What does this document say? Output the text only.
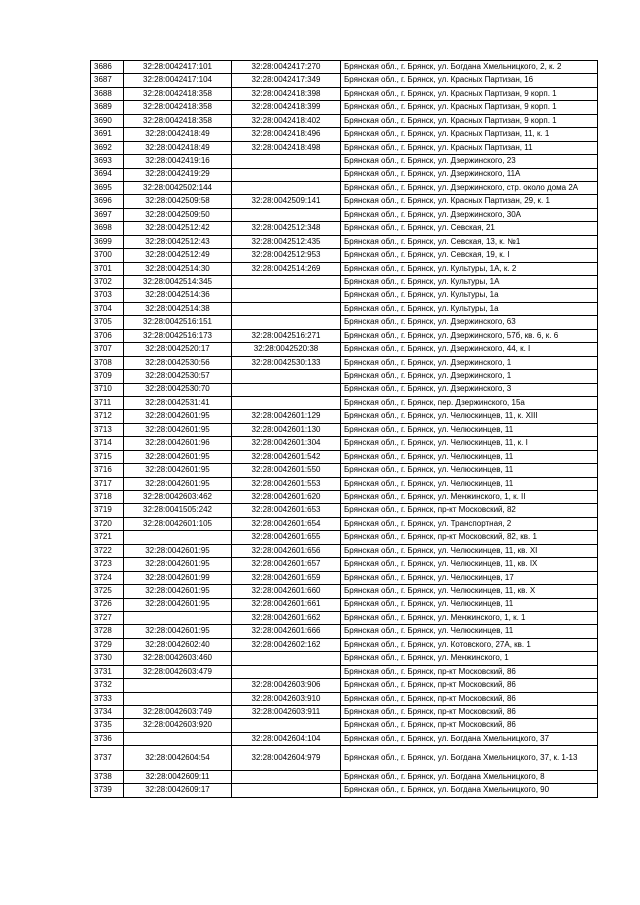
3686	32:28:0042417:101	32:28:0042417:270	Брянская обл., г. Брянск, ул. Богдана Хмельницкого, 2, к. 2
3687	32:28:0042417:104	32:28:0042417:349	Брянская обл., г. Брянск, ул. Красных Партизан, 16
3688	32:28:0042418:358	32:28:0042418:398	Брянская обл., г. Брянск, ул. Красных Партизан, 9 корп. 1
3689	32:28:0042418:358	32:28:0042418:399	Брянская обл., г. Брянск, ул. Красных Партизан, 9 корп. 1
3690	32:28:0042418:358	32:28:0042418:402	Брянская обл., г. Брянск, ул. Красных Партизан, 9 корп. 1
3691	32:28:0042418:49	32:28:0042418:496	Брянская обл., г. Брянск, ул. Красных Партизан, 11, к. 1
3692	32:28:0042418:49	32:28:0042418:498	Брянская обл., г. Брянск, ул. Красных Партизан, 11
3693	32:28:0042419:16		Брянская обл., г. Брянск, ул. Дзержинского, 23
3694	32:28:0042419:29		Брянская обл., г. Брянск, ул. Дзержинского, 11А
3695	32:28:0042502:144		Брянская обл., г. Брянск, ул. Дзержинского, стр. около дома 2А
3696	32:28:0042509:58	32:28:0042509:141	Брянская обл., г. Брянск, ул. Красных Партизан, 29, к. 1
3697	32:28:0042509:50		Брянская обл., г. Брянск, ул. Дзержинского, 30А
3698	32:28:0042512:42	32:28:0042512:348	Брянская обл., г. Брянск, ул. Севская, 21
3699	32:28:0042512:43	32:28:0042512:435	Брянская обл., г. Брянск, ул. Севская, 13, к. №1
3700	32:28:0042512:49	32:28:0042512:953	Брянская обл., г. Брянск, ул. Севская, 19, к. I
3701	32:28:0042514:30	32:28:0042514:269	Брянская обл., г. Брянск, ул. Культуры, 1А, к. 2
3702	32:28:0042514:345		Брянская обл., г. Брянск, ул. Культуры, 1А
3703	32:28:0042514:36		Брянская обл., г. Брянск, ул. Культуры, 1а
3704	32:28:0042514:38		Брянская обл., г. Брянск, ул. Культуры, 1а
3705	32:28:0042516:151		Брянская обл., г. Брянск, ул. Дзержинского, 63
3706	32:28:0042516:173	32:28:0042516:271	Брянская обл., г. Брянск, ул. Дзержинского, 57б, кв. 6, к. 6
3707	32:28:0042520:17	32:28:0042520:38	Брянская обл., г. Брянск, ул. Дзержинского, 44, к. I
3708	32:28:0042530:56	32:28:0042530:133	Брянская обл., г. Брянск, ул. Дзержинского, 1
3709	32:28:0042530:57		Брянская обл., г. Брянск, ул. Дзержинского, 1
3710	32:28:0042530:70		Брянская обл., г. Брянск, ул. Дзержинского, 3
3711	32:28:0042531:41		Брянская обл., г. Брянск, пер. Дзержинского, 15а
3712	32:28:0042601:95	32:28:0042601:129	Брянская обл., г. Брянск, ул. Челюскинцев, 11, к. XIII
3713	32:28:0042601:95	32:28:0042601:130	Брянская обл., г. Брянск, ул. Челюскинцев, 11
3714	32:28:0042601:96	32:28:0042601:304	Брянская обл., г. Брянск, ул. Челюскинцев, 11, к. I
3715	32:28:0042601:95	32:28:0042601:542	Брянская обл., г. Брянск, ул. Челюскинцев, 11
3716	32:28:0042601:95	32:28:0042601:550	Брянская обл., г. Брянск, ул. Челюскинцев, 11
3717	32:28:0042601:95	32:28:0042601:553	Брянская обл., г. Брянск, ул. Челюскинцев, 11
3718	32:28:0042603:462	32:28:0042601:620	Брянская обл., г. Брянск, ул. Менжинского, 1, к. II
3719	32:28:0041505:242	32:28:0042601:653	Брянская обл., г. Брянск, пр-кт Московский, 82
3720	32:28:0042601:105	32:28:0042601:654	Брянская обл., г. Брянск, ул. Транспортная, 2
3721		32:28:0042601:655	Брянская обл., г. Брянск, пр-кт Московский, 82, кв. 1
3722	32:28:0042601:95	32:28:0042601:656	Брянская обл., г. Брянск, ул. Челюскинцев, 11, кв. XI
3723	32:28:0042601:95	32:28:0042601:657	Брянская обл., г. Брянск, ул. Челюскинцев, 11, кв. IX
3724	32:28:0042601:99	32:28:0042601:659	Брянская обл., г. Брянск, ул. Челюскинцев, 17
3725	32:28:0042601:95	32:28:0042601:660	Брянская обл., г. Брянск, ул. Челюскинцев, 11, кв. X
3726	32:28:0042601:95	32:28:0042601:661	Брянская обл., г. Брянск, ул. Челюскинцев, 11
3727		32:28:0042601:662	Брянская обл., г. Брянск, ул. Менжинского, 1, к. 1
3728	32:28:0042601:95	32:28:0042601:666	Брянская обл., г. Брянск, ул. Челюскинцев, 11
3729	32:28:0042602:40	32:28:0042602:162	Брянская обл., г. Брянск, ул. Котовского, 27А, кв. 1
3730	32:28:0042603:460		Брянская обл., г. Брянск, ул. Менжинского, 1
3731	32:28:0042603:479		Брянская обл., г. Брянск, пр-кт Московский, 86
3732		32:28:0042603:906	Брянская обл., г. Брянск, пр-кт Московский, 86
3733		32:28:0042603:910	Брянская обл., г. Брянск, пр-кт Московский, 86
3734	32:28:0042603:749	32:28:0042603:911	Брянская обл., г. Брянск, пр-кт Московский, 86
3735	32:28:0042603:920		Брянская обл., г. Брянск, пр-кт Московский, 86
3736		32:28:0042604:104	Брянская обл., г. Брянск, ул. Богдана Хмельницкого, 37
3737	32:28:0042604:54	32:28:0042604:979	Брянская обл., г. Брянск, ул. Богдана Хмельницкого, 37, к. 1-13
3738	32:28:0042609:11		Брянская обл., г. Брянск, ул. Богдана Хмельницкого, 8
3739	32:28:0042609:17		Брянская обл., г. Брянск, ул. Богдана Хмельницкого, 90
